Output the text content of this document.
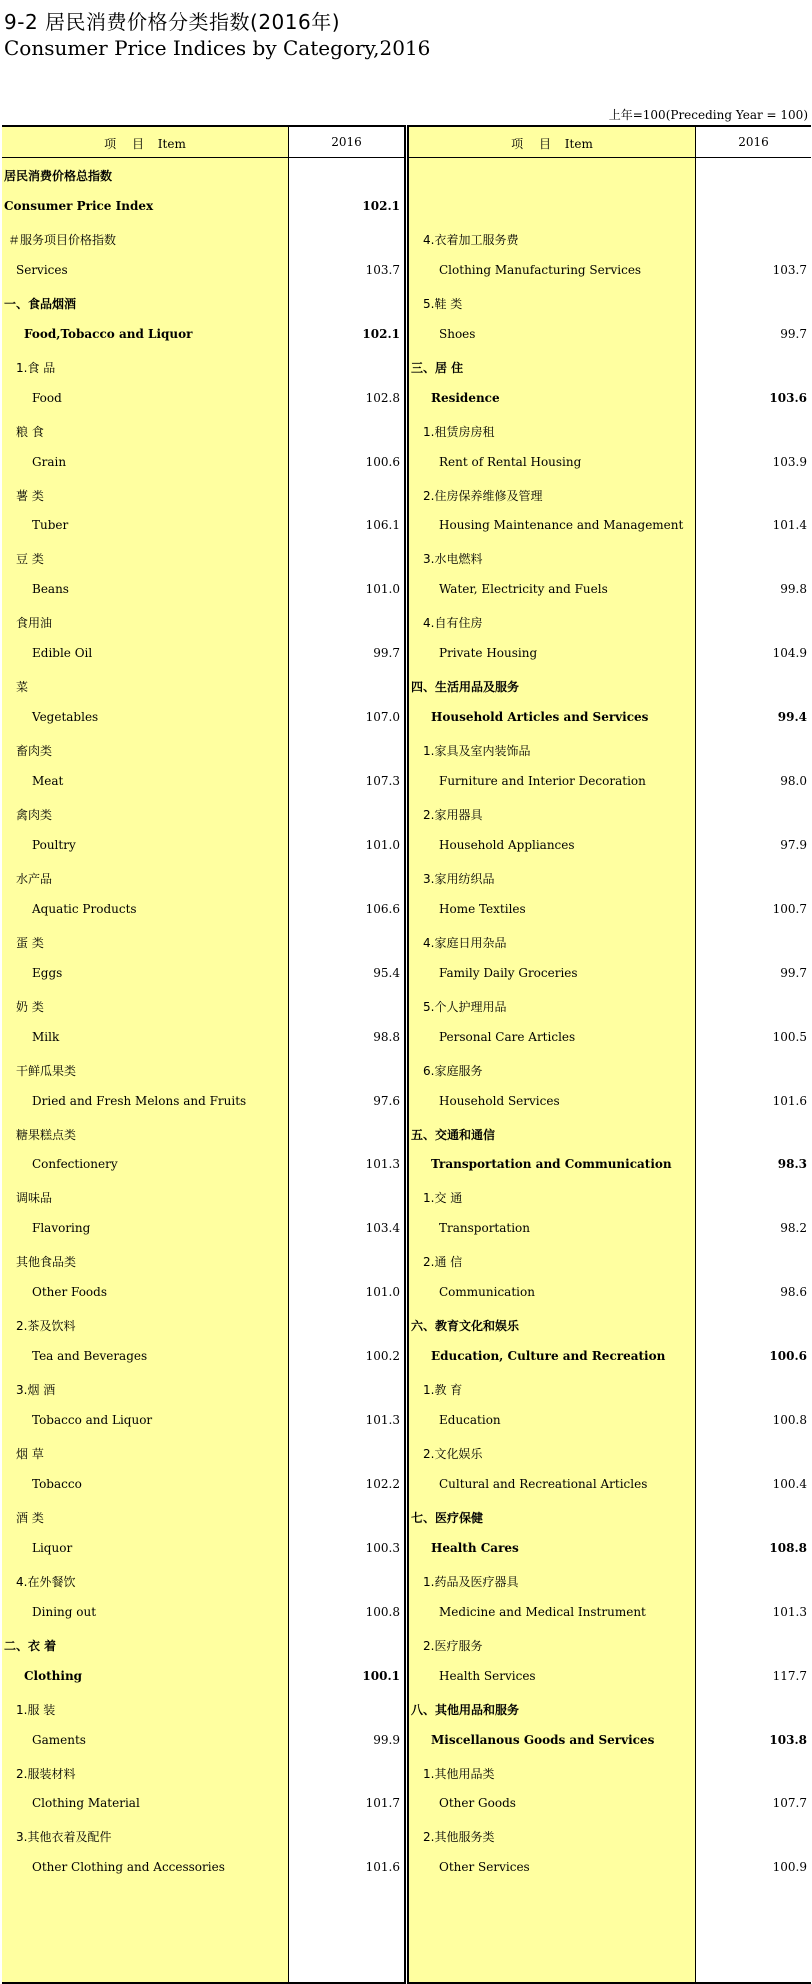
9-2 居民消费价格分类指数(2016年)
Consumer Price Indices by Category,2016
上年=100(Preceding Year = 100)
项 目 Item	2016
居民消费价格总指数
Consumer Price Index	102.1
＃服务项目价格指数
Services	103.7
一、食品烟酒
Food,Tobacco and Liquor	102.1
1.食 品
Food	102.8
粮 食
Grain	100.6
薯 类
Tuber	106.1
豆 类
Beans	101.0
食用油
Edible Oil	99.7
菜
Vegetables	107.0
畜肉类
Meat	107.3
禽肉类
Poultry	101.0
水产品
Aquatic Products	106.6
蛋 类
Eggs	95.4
奶 类
Milk	98.8
干鲜瓜果类
Dried and Fresh Melons and Fruits	97.6
糖果糕点类
Confectionery	101.3
调味品
Flavoring	103.4
其他食品类
Other Foods	101.0
2.茶及饮料
Tea and Beverages	100.2
3.烟 酒
Tobacco and Liquor	101.3
烟 草
Tobacco	102.2
酒 类
Liquor	100.3
4.在外餐饮
Dining out	100.8
二、衣 着
Clothing	100.1
1.服 装
Gaments	99.9
2.服装材料
Clothing Material	101.7
3.其他衣着及配件
Other Clothing and Accessories	101.6
项 目 Item	2016
4.衣着加工服务费
Clothing Manufacturing Services	103.7
5.鞋 类
Shoes	99.7
三、居 住
Residence	103.6
1.租赁房房租
Rent of Rental Housing	103.9
2.住房保养维修及管理
Housing Maintenance and Management	101.4
3.水电燃料
Water, Electricity and Fuels	99.8
4.自有住房
Private Housing	104.9
四、生活用品及服务
Household Articles and Services	99.4
1.家具及室内装饰品
Furniture and Interior Decoration	98.0
2.家用器具
Household Appliances	97.9
3.家用纺织品
Home Textiles	100.7
4.家庭日用杂品
Family Daily Groceries	99.7
5.个人护理用品
Personal Care Articles	100.5
6.家庭服务
Household Services	101.6
五、交通和通信
Transportation and Communication	98.3
1.交 通
Transportation	98.2
2.通 信
Communication	98.6
六、教育文化和娱乐
Education, Culture and Recreation	100.6
1.教 育
Education	100.8
2.文化娱乐
Cultural and Recreational Articles	100.4
七、医疗保健
Health Cares	108.8
1.药品及医疗器具
Medicine and Medical Instrument	101.3
2.医疗服务
Health Services	117.7
八、其他用品和服务
Miscellanous Goods and Services	103.8
1.其他用品类
Other Goods	107.7
2.其他服务类
Other Services	100.9
